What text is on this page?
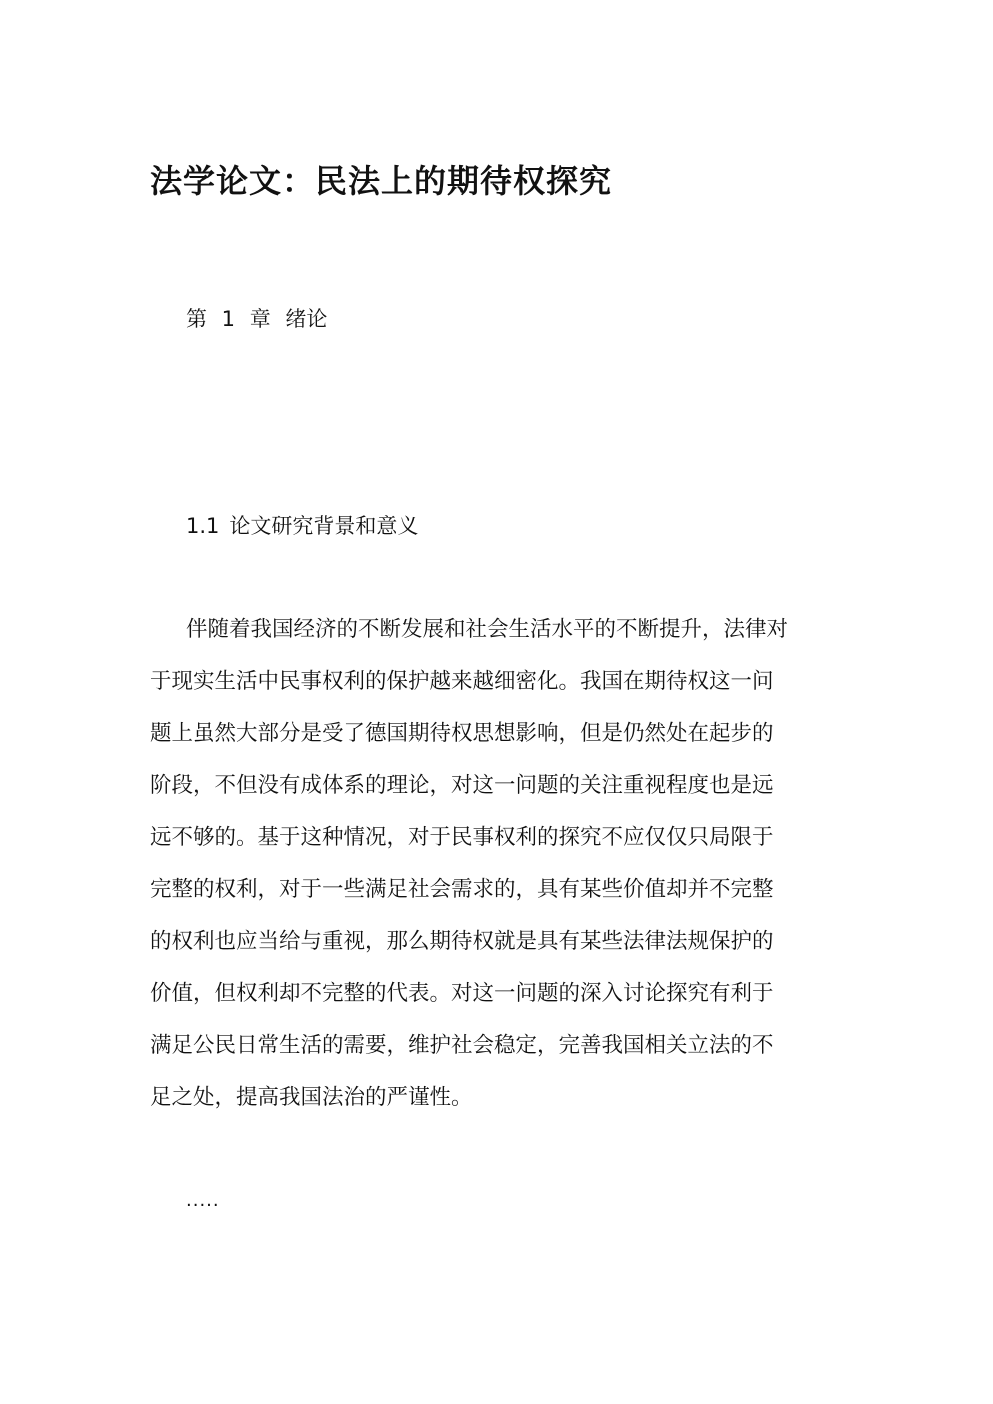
法学论文：民法上的期待权探究

第 1 章 绪论

1.1 论文研究背景和意义

伴随着我国经济的不断发展和社会生活水平的不断提升，法律对
于现实生活中民事权利的保护越来越细密化。我国在期待权这一问
题上虽然大部分是受了德国期待权思想影响，但是仍然处在起步的
阶段，不但没有成体系的理论，对这一问题的关注重视程度也是远
远不够的。基于这种情况，对于民事权利的探究不应仅仅只局限于
完整的权利，对于一些满足社会需求的，具有某些价值却并不完整
的权利也应当给与重视，那么期待权就是具有某些法律法规保护的
价值，但权利却不完整的代表。对这一问题的深入讨论探究有利于
满足公民日常生活的需要，维护社会稳定，完善我国相关立法的不
足之处，提高我国法治的严谨性。

.....
